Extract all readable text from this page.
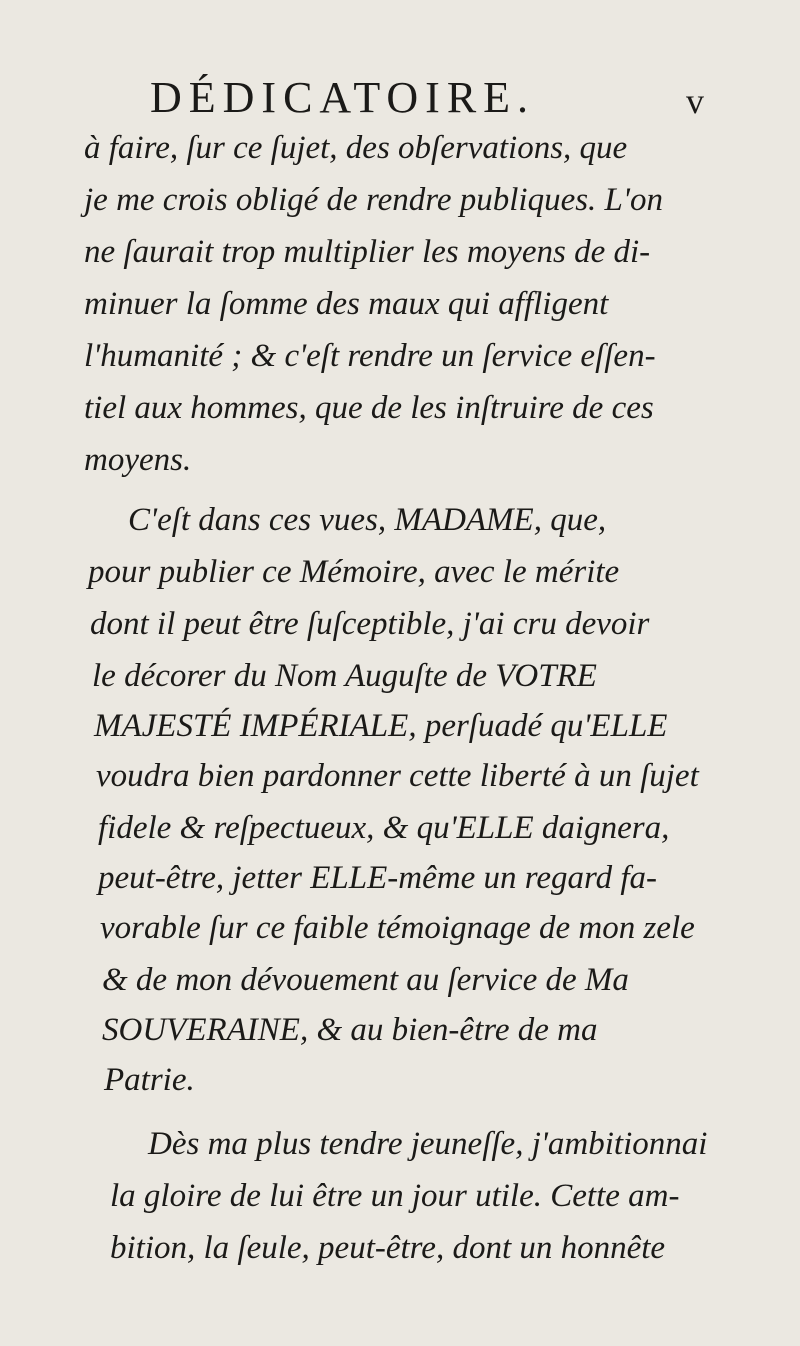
DÉDICATOIRE.	v
à faire, ſur ce ſujet, des obſervations, que
je me crois obligé de rendre publiques. L'on
ne ſaurait trop multiplier les moyens de di-
minuer la ſomme des maux qui affligent
l'humanité ; & c'eſt rendre un ſervice eſſen-
tiel aux hommes, que de les inſtruire de ces
moyens.
C'eſt dans ces vues, MADAME, que,
pour publier ce Mémoire, avec le mérite
dont il peut être ſuſceptible, j'ai cru devoir
le décorer du Nom Auguſte de VOTRE
MAJESTÉ IMPÉRIALE, perſuadé qu'ELLE
voudra bien pardonner cette liberté à un ſujet
fidele & reſpectueux, & qu'ELLE daignera,
peut-être, jetter ELLE-même un regard fa-
vorable ſur ce faible témoignage de mon zele
& de mon dévouement au ſervice de Ma
SOUVERAINE, & au bien-être de ma
Patrie.
Dès ma plus tendre jeuneſſe, j'ambitionnai
la gloire de lui être un jour utile. Cette am-
bition, la ſeule, peut-être, dont un honnête
